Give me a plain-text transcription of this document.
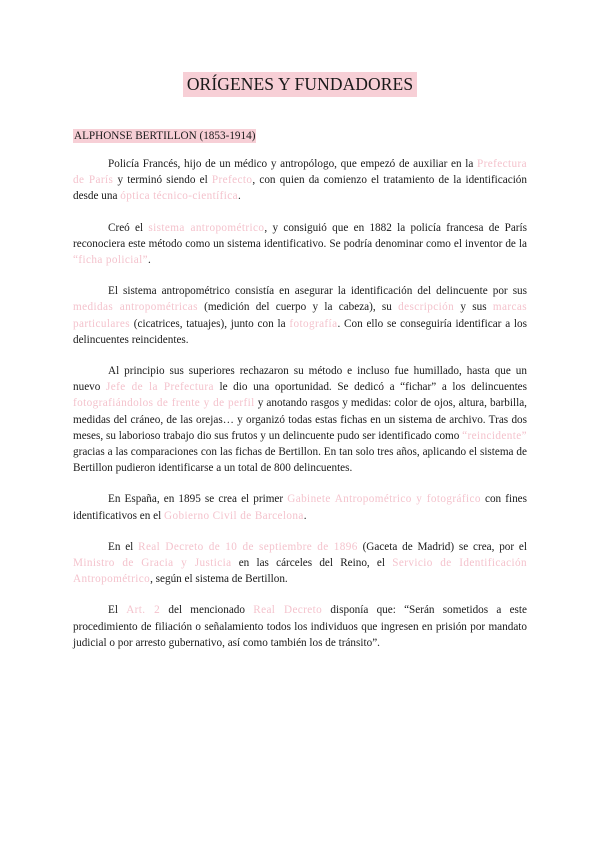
ORÍGENES Y FUNDADORES
ALPHONSE BERTILLON (1853-1914)

Policía Francés, hijo de un médico y antropólogo, que empezó de auxiliar en la Prefectura de París y terminó siendo el Prefecto, con quien da comienzo el tratamiento de la identificación desde una óptica técnico-científica.

Creó el sistema antropométrico, y consiguió que en 1882 la policía francesa de París reconociera este método como un sistema identificativo. Se podría denominar como el inventor de la “ficha policial”.

El sistema antropométrico consistía en asegurar la identificación del delincuente por sus medidas antropométricas (medición del cuerpo y la cabeza), su descripción y sus marcas particulares (cicatrices, tatuajes), junto con la fotografía. Con ello se conseguiría identificar a los delincuentes reincidentes.

Al principio sus superiores rechazaron su método e incluso fue humillado, hasta que un nuevo Jefe de la Prefectura le dio una oportunidad. Se dedicó a “fichar” a los delincuentes fotografiándolos de frente y de perfil y anotando rasgos y medidas: color de ojos, altura, barbilla, medidas del cráneo, de las orejas… y organizó todas estas fichas en un sistema de archivo. Tras dos meses, su laborioso trabajo dio sus frutos y un delincuente pudo ser identificado como “reincidente” gracias a las comparaciones con las fichas de Bertillon. En tan solo tres años, aplicando el sistema de Bertillon pudieron identificarse a un total de 800 delincuentes.

En España, en 1895 se crea el primer Gabinete Antropométrico y fotográfico con fines identificativos en el Gobierno Civil de Barcelona.

En el Real Decreto de 10 de septiembre de 1896 (Gaceta de Madrid) se crea, por el Ministro de Gracia y Justicia en las cárceles del Reino, el Servicio de Identificación Antropométrico, según el sistema de Bertillon.

El Art. 2 del mencionado Real Decreto disponía que: “Serán sometidos a este procedimiento de filiación o señalamiento todos los individuos que ingresen en prisión por mandato judicial o por arresto gubernativo, así como también los de tránsito”.
